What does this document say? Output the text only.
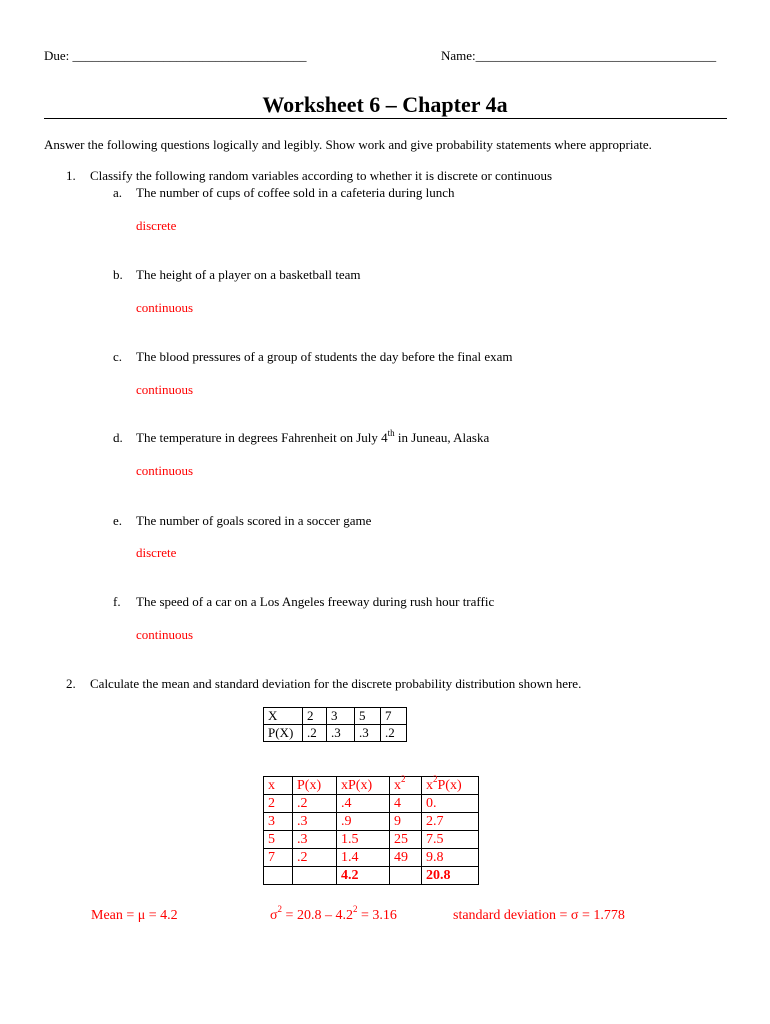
Due: ____________________________________	Name:_____________________________________
Worksheet 6 – Chapter 4a
Answer the following questions logically and legibly. Show work and give probability statements where appropriate.
1. Classify the following random variables according to whether it is discrete or continuous
a. The number of cups of coffee sold in a cafeteria during lunch
discrete
b. The height of a player on a basketball team
continuous
c. The blood pressures of a group of students the day before the final exam
continuous
d. The temperature in degrees Fahrenheit on July 4th in Juneau, Alaska
continuous
e. The number of goals scored in a soccer game
discrete
f. The speed of a car on a Los Angeles freeway during rush hour traffic
continuous
2. Calculate the mean and standard deviation for the discrete probability distribution shown here.
X	2	3	5	7
P(X)	.2	.3	.3	.2
x	P(x)	xP(x)	$x^2$	$x^2P(x)$
2	.2	.4	4	0.
3	.3	.9	9	2.7
5	.3	1.5	25	7.5
7	.2	1.4	49	9.8
		4.2		20.8
Mean = μ = 4.2	$\sigma^2 = 20.8 - 4.2^2 = 3.16$	standard deviation = σ = 1.778
